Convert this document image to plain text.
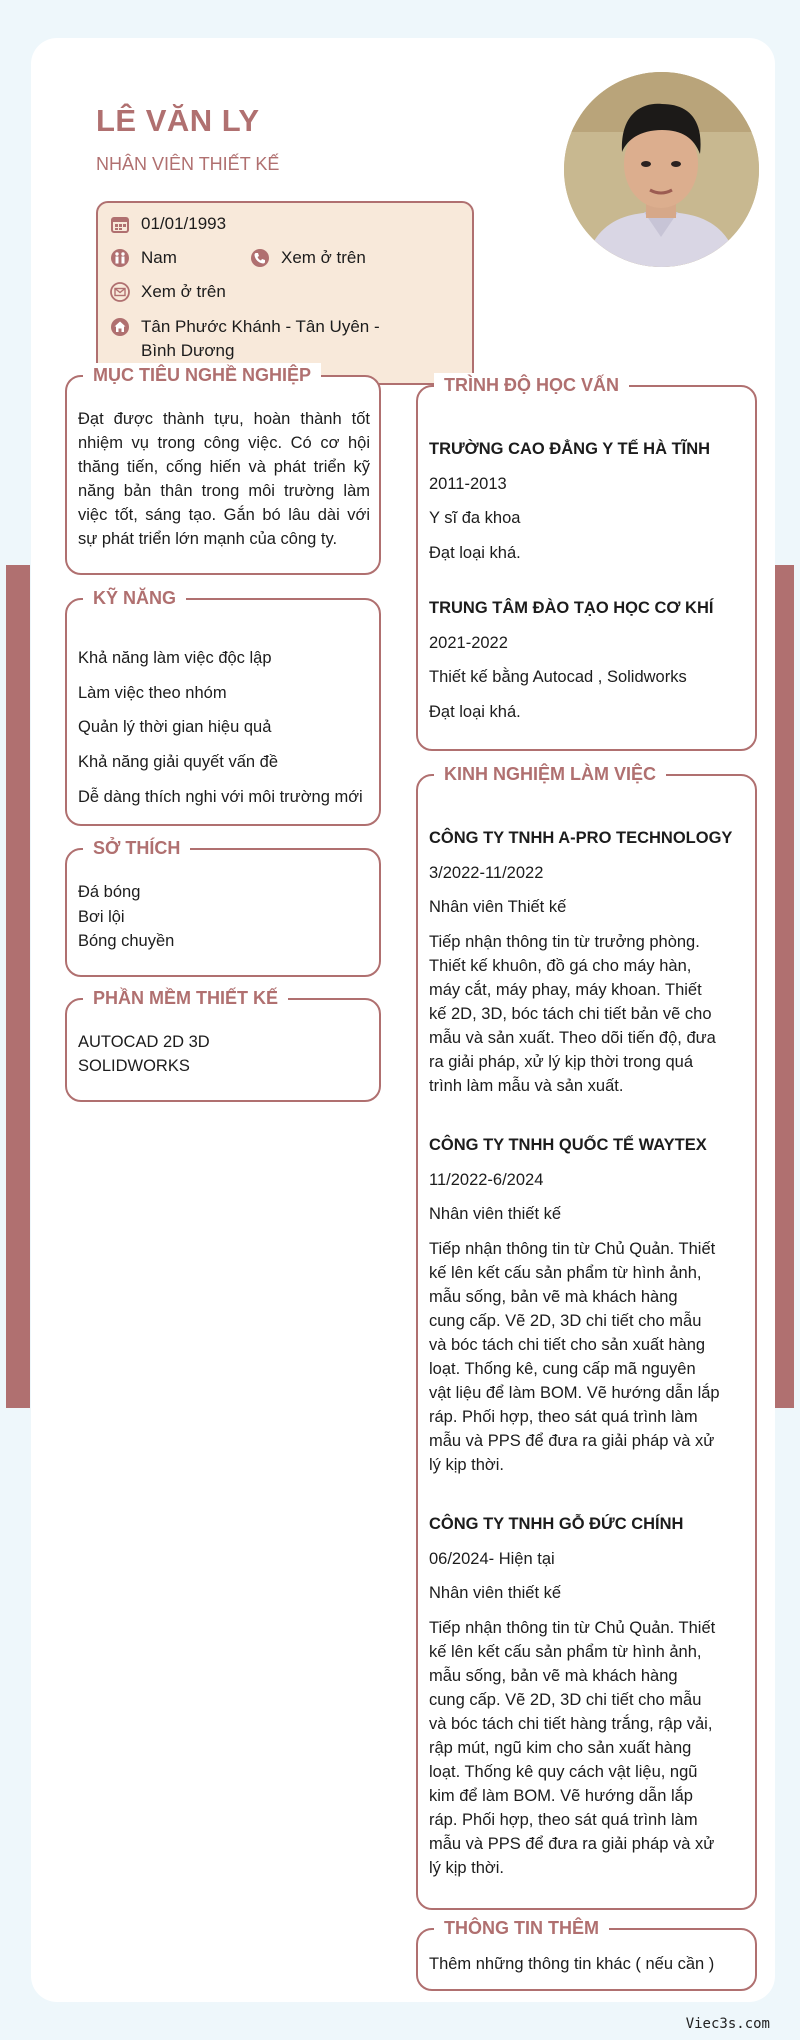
LÊ VĂN LY
NHÂN VIÊN THIẾT KẾ
01/01/1993
Nam	Xem ở trên
Xem ở trên
Tân Phước Khánh - Tân Uyên -Bình Dương
MỤC TIÊU NGHỀ NGHIỆP
Đạt được thành tựu, hoàn thành tốt nhiệm vụ trong công việc. Có cơ hội thăng tiến, cống hiến và phát triển kỹ năng bản thân trong môi trường làm việc tốt, sáng tạo. Gắn bó lâu dài với sự phát triển lớn mạnh của công ty.
KỸ NĂNG
Khả năng làm việc độc lập
Làm việc theo nhóm
Quản lý thời gian hiệu quả
Khả năng giải quyết vấn đề
Dễ dàng thích nghi với môi trường mới
SỞ THÍCH
Đá bóng
Bơi lội
Bóng chuyền
PHẦN MỀM THIẾT KẾ
AUTOCAD 2D 3D
SOLIDWORKS
TRÌNH ĐỘ HỌC VẤN
TRƯỜNG CAO ĐẲNG Y TẾ HÀ TĨNH
2011-2013
Y sĩ đa khoa
Đạt loại khá.
TRUNG TÂM ĐÀO TẠO HỌC CƠ KHÍ
2021-2022
Thiết kế bằng Autocad , Solidworks
Đạt loại khá.
KINH NGHIỆM LÀM VIỆC
CÔNG TY TNHH A-PRO TECHNOLOGY
3/2022-11/2022
Nhân viên Thiết kế
Tiếp nhận thông tin từ trưởng phòng.
Thiết kế khuôn, đồ gá cho máy hàn,
máy cắt, máy phay, máy khoan. Thiết
kế 2D, 3D, bóc tách chi tiết bản vẽ cho
mẫu và sản xuất. Theo dõi tiến độ, đưa
ra giải pháp, xử lý kịp thời trong quá
trình làm mẫu và sản xuất.
CÔNG TY TNHH QUỐC TẾ WAYTEX
11/2022-6/2024
Nhân viên thiết kế
Tiếp nhận thông tin từ Chủ Quản. Thiết
kế lên kết cấu sản phẩm từ hình ảnh,
mẫu sống, bản vẽ mà khách hàng
cung cấp. Vẽ 2D, 3D chi tiết cho mẫu
và bóc tách chi tiết cho sản xuất hàng
loạt. Thống kê, cung cấp mã nguyên
vật liệu để làm BOM. Vẽ hướng dẫn lắp
ráp. Phối hợp, theo sát quá trình làm
mẫu và PPS để đưa ra giải pháp và xử
lý kịp thời.
CÔNG TY TNHH GỖ ĐỨC CHÍNH
06/2024- Hiện tại
Nhân viên thiết kế
Tiếp nhận thông tin từ Chủ Quản. Thiết
kế lên kết cấu sản phẩm từ hình ảnh,
mẫu sống, bản vẽ mà khách hàng
cung cấp. Vẽ 2D, 3D chi tiết cho mẫu
và bóc tách chi tiết hàng trắng, rập vải,
rập mút, ngũ kim cho sản xuất hàng
loạt. Thống kê quy cách vật liệu, ngũ
kim để làm BOM. Vẽ hướng dẫn lắp
ráp. Phối hợp, theo sát quá trình làm
mẫu và PPS để đưa ra giải pháp và xử
lý kịp thời.
THÔNG TIN THÊM
Thêm những thông tin khác ( nếu cần )
Viec3s.com
